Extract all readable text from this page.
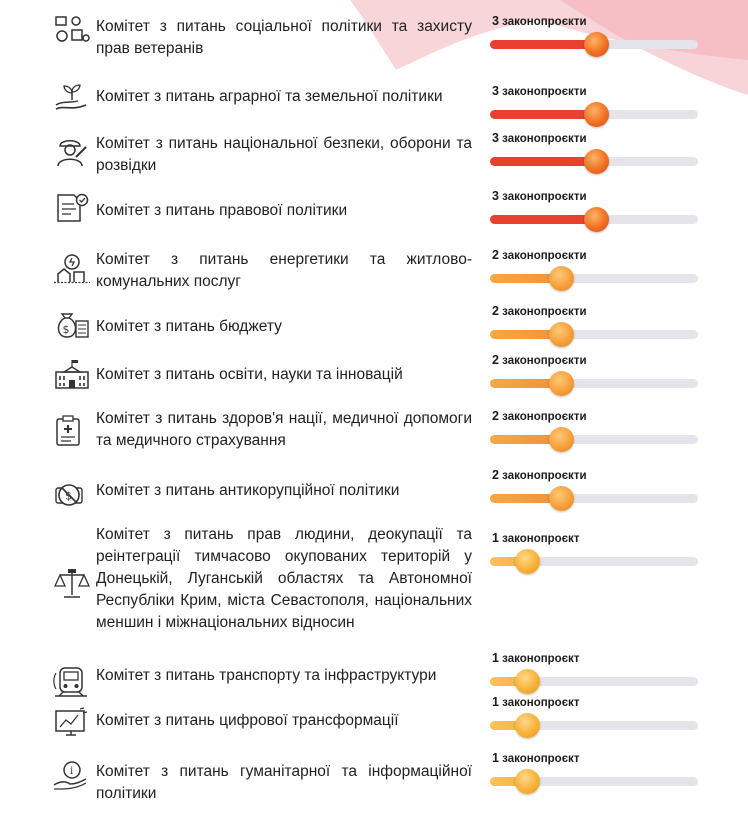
Комітет з питань соціальної політики та захисту прав ветеранів
3 законопроєкти
Комітет з питань аграрної та земельної політики	3 законопроєкти
Комітет з питань національної безпеки, оборони та розвідки
3 законопроєкти
Комітет з питань правової політики
3 законопроєкти
Комітет з питань енергетики та житлово-комунальних послуг
2 законопроєкти
$ Комітет з питань бюджету
2 законопроєкти
Комітет з питань освіти, науки та інновацій
2 законопроєкти
Комітет з питань здоров'я нації, медичної допомоги та медичного страхування
2 законопроєкти
$ Комітет з питань антикорупційної політики
2 законопроєкти
Комітет з питань прав людини, деокупації та реінтеграції тимчасово окупованих територій у Донецькій, Луганській областях та Автономної Республіки Крим, міста Севастополя, національних меншин і міжнаціональних відносин
1 законопроєкт
Комітет з питань транспорту та інфраструктури
1 законопроєкт
Комітет з питань цифрової трансформації
1 законопроєкт
i Комітет з питань гуманітарної та інформаційної політики
1 законопроєкт
